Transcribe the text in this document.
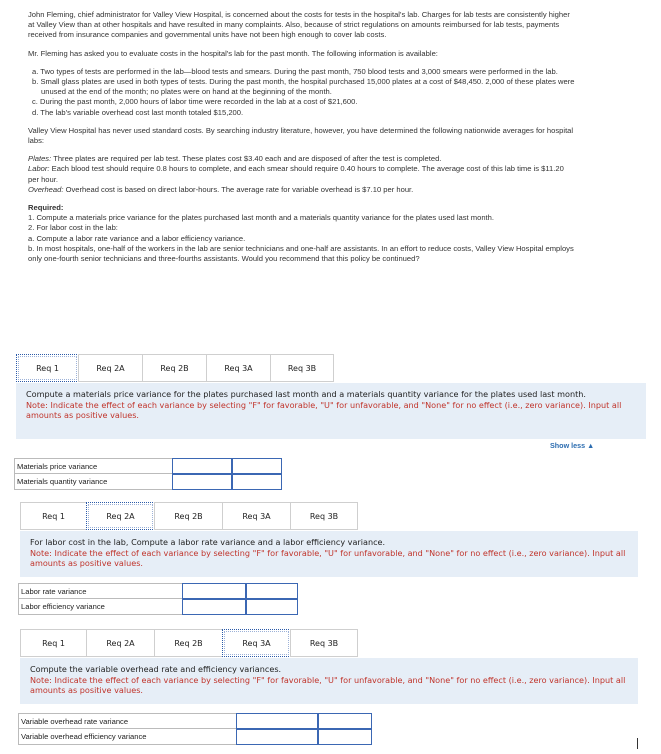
John Fleming, chief administrator for Valley View Hospital, is concerned about the costs for tests in the hospital's lab. Charges for lab tests are consistently higher at Valley View than at other hospitals and have resulted in many complaints. Also, because of strict regulations on amounts reimbursed for lab tests, payments received from insurance companies and governmental units have not been high enough to cover lab costs.

Mr. Fleming has asked you to evaluate costs in the hospital's lab for the past month. The following information is available:

a. Two types of tests are performed in the lab—blood tests and smears. During the past month, 750 blood tests and 3,000 smears were performed in the lab.
b. Small glass plates are used in both types of tests. During the past month, the hospital purchased 15,000 plates at a cost of $48,450. 2,000 of these plates were unused at the end of the month; no plates were on hand at the beginning of the month.
c. During the past month, 2,000 hours of labor time were recorded in the lab at a cost of $21,600.
d. The lab's variable overhead cost last month totaled $15,200.

Valley View Hospital has never used standard costs. By searching industry literature, however, you have determined the following nationwide averages for hospital labs:

Plates: Three plates are required per lab test. These plates cost $3.40 each and are disposed of after the test is completed.

Labor: Each blood test should require 0.8 hours to complete, and each smear should require 0.40 hours to complete. The average cost of this lab time is $11.20 per hour.

Overhead: Overhead cost is based on direct labor-hours. The average rate for variable overhead is $7.10 per hour.

Required:

1. Compute a materials price variance for the plates purchased last month and a materials quantity variance for the plates used last month.

2. For labor cost in the lab:

a. Compute a labor rate variance and a labor efficiency variance.

b. In most hospitals, one-half of the workers in the lab are senior technicians and one-half are assistants. In an effort to reduce costs, Valley View Hospital employs only one-fourth senior technicians and three-fourths assistants. Would you recommend that this policy be continued?

Req 1	Req 2A	Req 2B	Req 3A	Req 3B

Compute a materials price variance for the plates purchased last month and a materials quantity variance for the plates used last month.

Note: Indicate the effect of each variance by selecting "F" for favorable, "U" for unfavorable, and "None" for no effect (i.e., zero variance). Input all amounts as positive values.

Show less ▲
Materials price variance
Materials quantity variance
Req 1	Req 2A	Req 2B	Req 3A	Req 3B

For labor cost in the lab, Compute a labor rate variance and a labor efficiency variance.

Note: Indicate the effect of each variance by selecting "F" for favorable, "U" for unfavorable, and "None" for no effect (i.e., zero variance). Input all amounts as positive values.

Labor rate variance
Labor efficiency variance
Req 1	Req 2A	Req 2B	Req 3A	Req 3B

Compute the variable overhead rate and efficiency variances.

Note: Indicate the effect of each variance by selecting "F" for favorable, "U" for unfavorable, and "None" for no effect (i.e., zero variance). Input all amounts as positive values.

Variable overhead rate variance
Variable overhead efficiency variance
